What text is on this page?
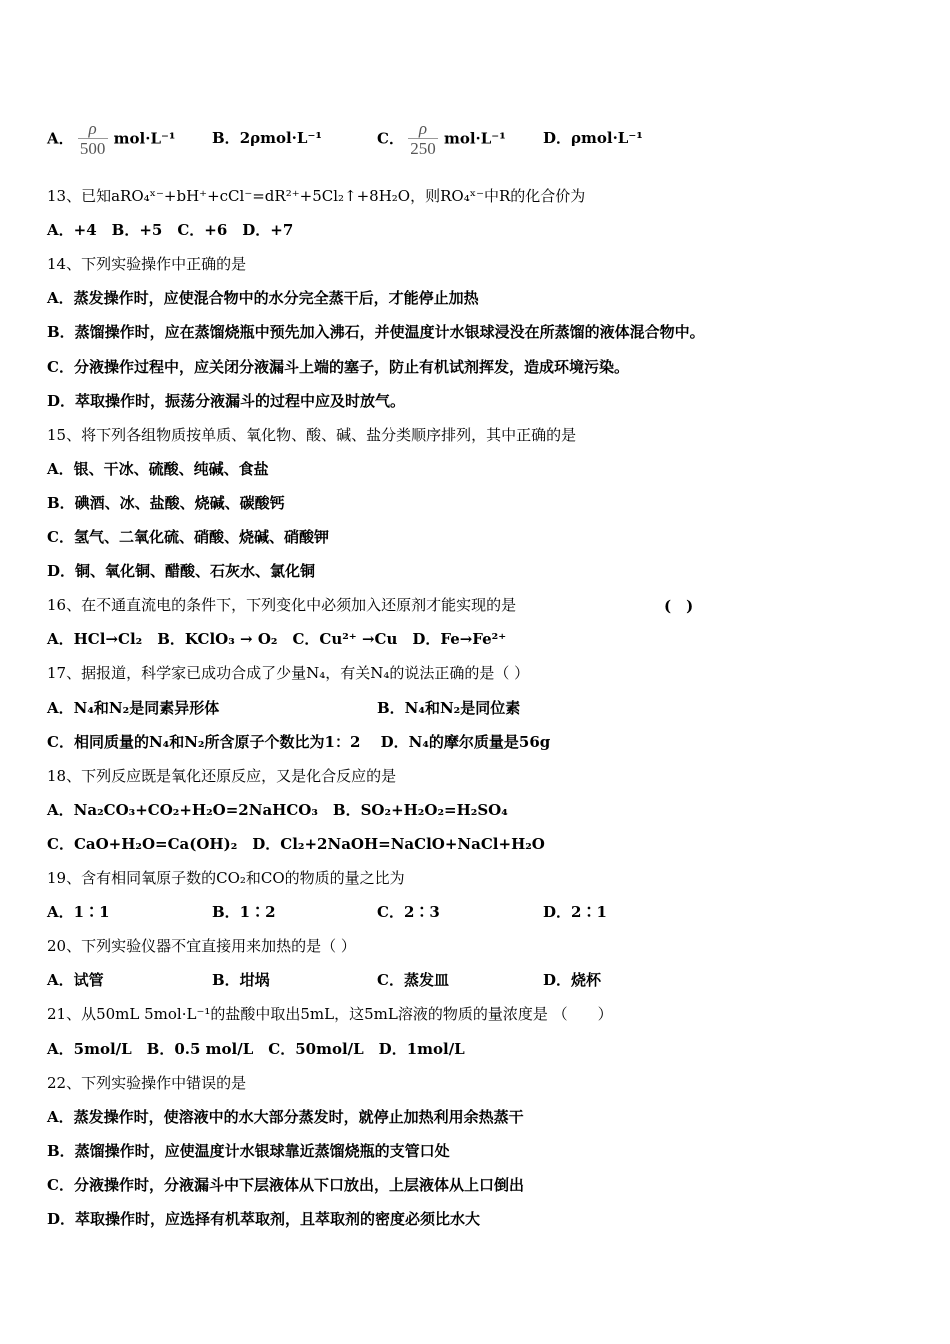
A． $\frac{\rho}{500} mol\cdot L^{-1}$ B．2ρmol·L⁻¹	C． $\frac{\rho}{250} mol\cdot L^{-1}$ D．ρmol·L⁻¹
13、已知aRO₄ˣ⁻+bH⁺+cCl⁻=dR²⁺+5Cl₂↑+8H₂O，则RO₄ˣ⁻中R的化合价为
A．+4　B．+5　C．+6　D．+7
14、下列实验操作中正确的是
A．蒸发操作时，应使混合物中的水分完全蒸干后，才能停止加热
B．蒸馏操作时，应在蒸馏烧瓶中预先加入沸石，并使温度计水银球浸没在所蒸馏的液体混合物中。
C．分液操作过程中，应关闭分液漏斗上端的塞子，防止有机试剂挥发，造成环境污染。
D．萃取操作时，振荡分液漏斗的过程中应及时放气。
15、将下列各组物质按单质、氧化物、酸、碱、盐分类顺序排列，其中正确的是
A．银、干冰、硫酸、纯碱、食盐
B．碘酒、冰、盐酸、烧碱、碳酸钙
C．氢气、二氧化硫、硝酸、烧碱、硝酸钾
D．铜、氧化铜、醋酸、石灰水、氯化铜
16、在不通直流电的条件下，下列变化中必须加入还原剂才能实现的是	(　)
A．HCl→Cl₂　B．KClO₃ → O₂　C．Cu²⁺ →Cu　D．Fe→Fe²⁺
17、据报道，科学家已成功合成了少量N₄，有关N₄的说法正确的是（ ）
A．N₄和N₂是同素异形体	B．N₄和N₂是同位素
C．相同质量的N₄和N₂所含原子个数比为1：2　 D．N₄的摩尔质量是56g
18、下列反应既是氧化还原反应，又是化合反应的是
A．Na₂CO₃+CO₂+H₂O=2NaHCO₃　B．SO₂+H₂O₂=H₂SO₄
C．CaO+H₂O=Ca(OH)₂　D．Cl₂+2NaOH=NaClO+NaCl+H₂O
19、含有相同氧原子数的CO₂和CO的物质的量之比为
A．1∶1	B．1∶2	C．2∶3	D．2∶1
20、下列实验仪器不宜直接用来加热的是（ ）
A．试管	B．坩埚	C．蒸发皿	D．烧杯
21、从50mL 5mol·L⁻¹的盐酸中取出5mL，这5mL溶液的物质的量浓度是 （　　）
A．5mol/L　B．0.5 mol/L　C．50mol/L　D．1mol/L
22、下列实验操作中错误的是
A．蒸发操作时，使溶液中的水大部分蒸发时，就停止加热利用余热蒸干
B．蒸馏操作时，应使温度计水银球靠近蒸馏烧瓶的支管口处
C．分液操作时，分液漏斗中下层液体从下口放出，上层液体从上口倒出
D．萃取操作时，应选择有机萃取剂，且萃取剂的密度必须比水大
